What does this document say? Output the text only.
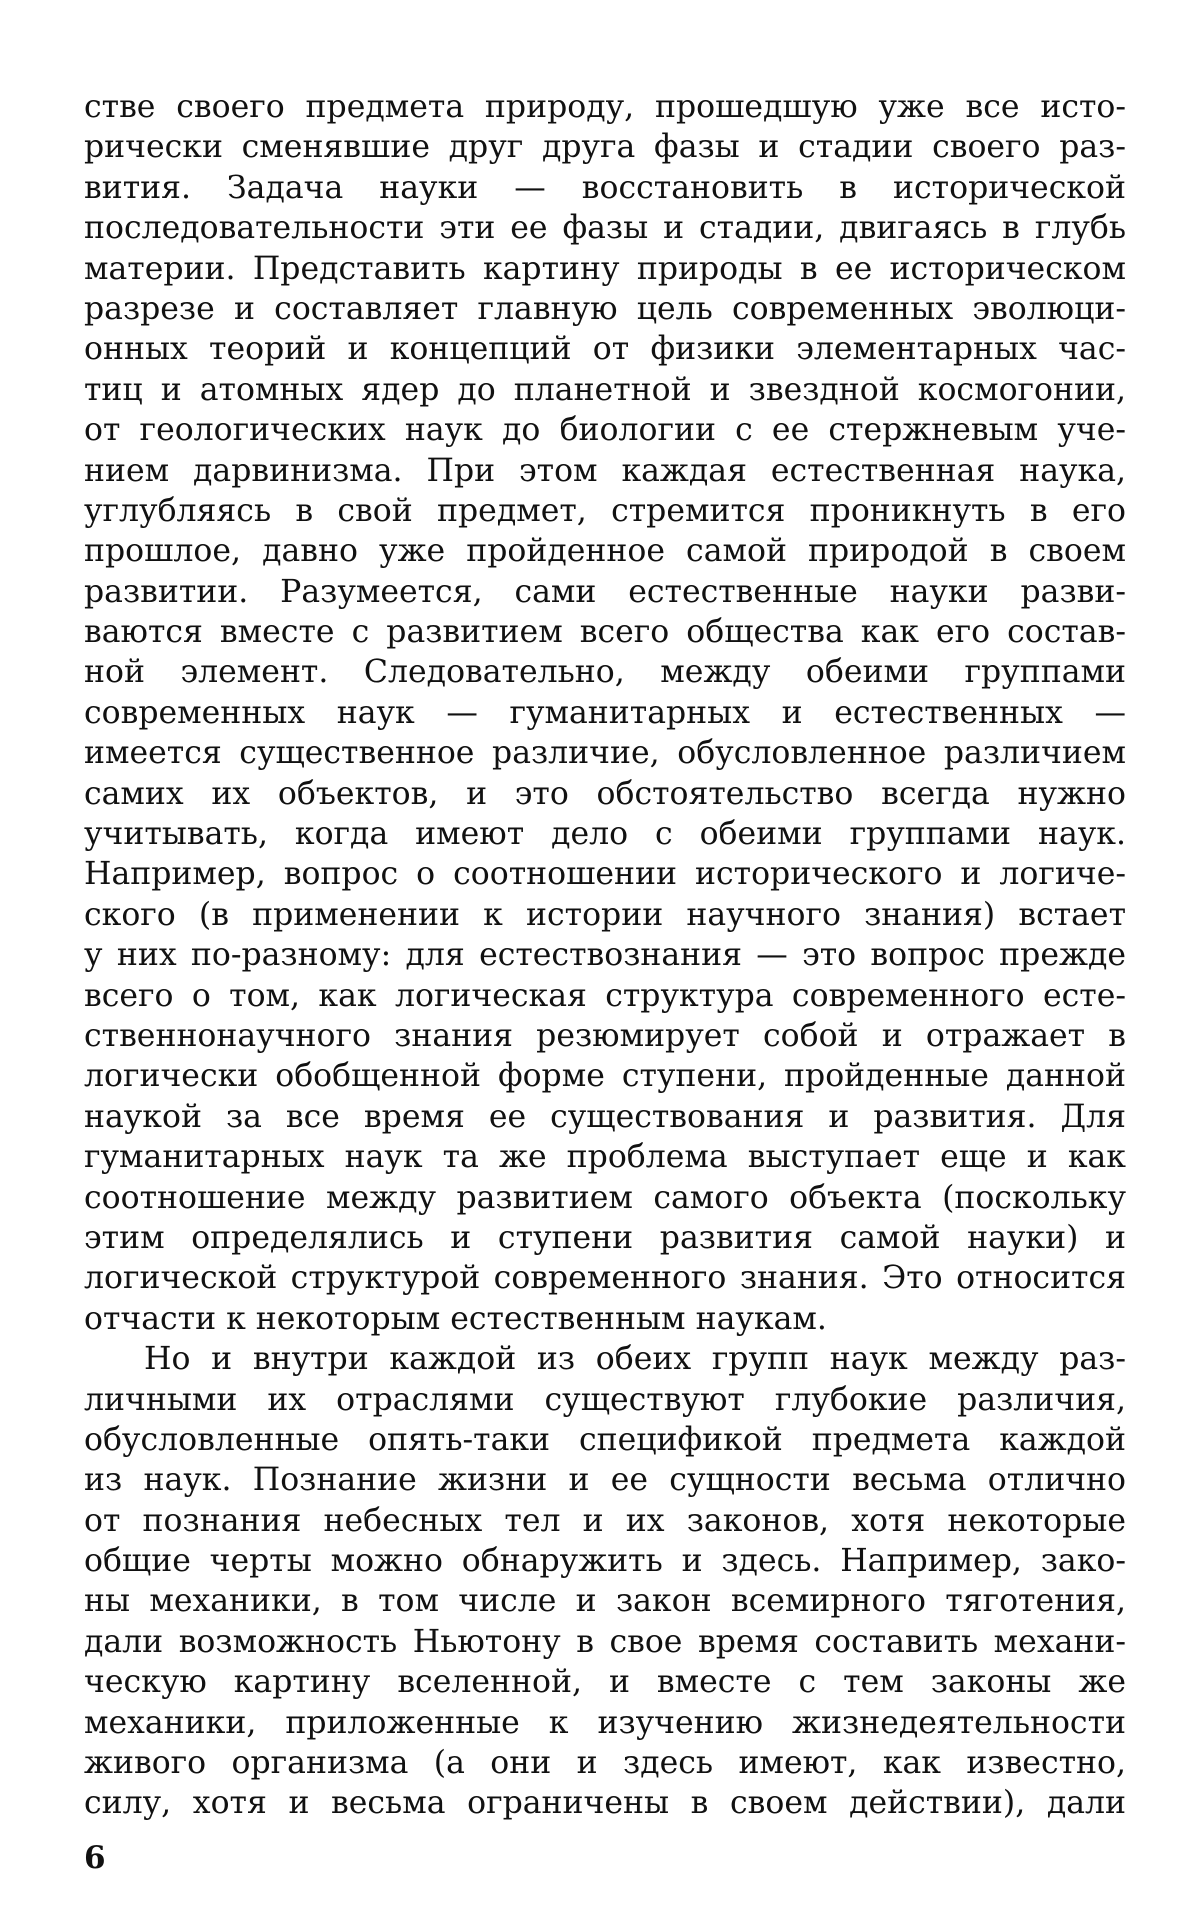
стве своего предмета природу, прошедшую уже все исто-
рически сменявшие друг друга фазы и стадии своего раз-
вития. Задача науки — восстановить в исторической
последовательности эти ее фазы и стадии, двигаясь в глубь
материи. Представить картину природы в ее историческом
разрезе и составляет главную цель современных эволюци-
онных теорий и концепций от физики элементарных час-
тиц и атомных ядер до планетной и звездной космогонии,
от геологических наук до биологии с ее стержневым уче-
нием дарвинизма. При этом каждая естественная наука,
углубляясь в свой предмет, стремится проникнуть в его
прошлое, давно уже пройденное самой природой в своем
развитии. Разумеется, сами естественные науки разви-
ваются вместе с развитием всего общества как его состав-
ной элемент. Следовательно, между обеими группами
современных наук — гуманитарных и естественных —
имеется существенное различие, обусловленное различием
самих их объектов, и это обстоятельство всегда нужно
учитывать, когда имеют дело с обеими группами наук.
Например, вопрос о соотношении исторического и логиче-
ского (в применении к истории научного знания) встает
у них по-разному: для естествознания — это вопрос прежде
всего о том, как логическая структура современного есте-
ственнонаучного знания резюмирует собой и отражает в
логически обобщенной форме ступени, пройденные данной
наукой за все время ее существования и развития. Для
гуманитарных наук та же проблема выступает еще и как
соотношение между развитием самого объекта (поскольку
этим определялись и ступени развития самой науки) и
логической структурой современного знания. Это относится
отчасти к некоторым естественным наукам.
Но и внутри каждой из обеих групп наук между раз-
личными их отраслями существуют глубокие различия,
обусловленные опять-таки спецификой предмета каждой
из наук. Познание жизни и ее сущности весьма отлично
от познания небесных тел и их законов, хотя некоторые
общие черты можно обнаружить и здесь. Например, зако-
ны механики, в том числе и закон всемирного тяготения,
дали возможность Ньютону в свое время составить механи-
ческую картину вселенной, и вместе с тем законы же
механики, приложенные к изучению жизнедеятельности
живого организма (а они и здесь имеют, как известно,
силу, хотя и весьма ограничены в своем действии), дали
6
